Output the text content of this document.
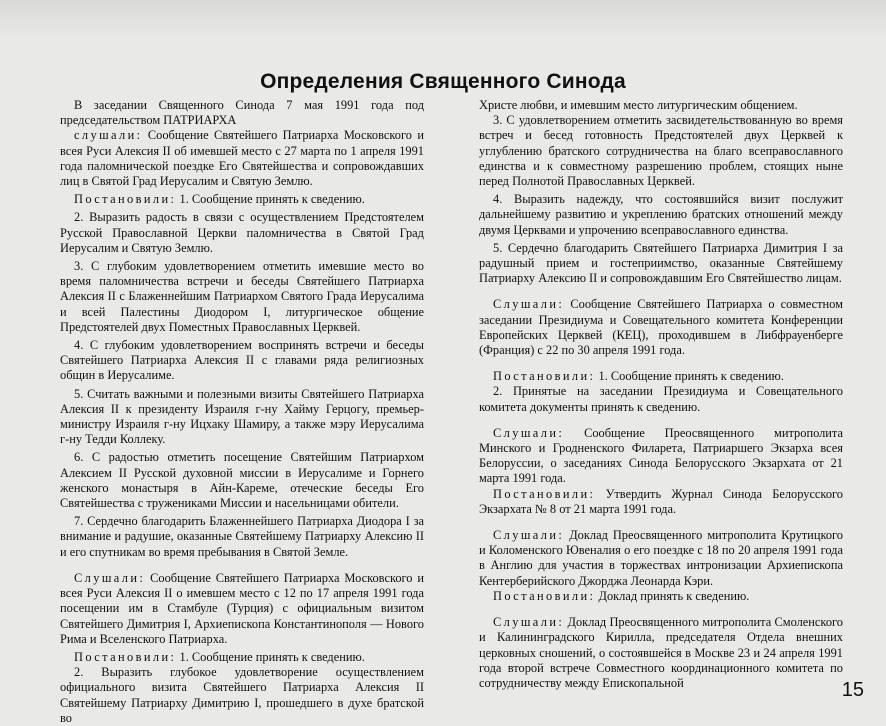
Определения Священного Синода

В заседании Священного Синода 7 мая 1991 года под председательством ПАТРИАРХА

слушали: Сообщение Святейшего Патриарха Московского и всея Руси Алексия II об имевшей место с 27 марта по 1 апреля 1991 года паломнической поездке Его Святейшества и сопровождавших лиц в Святой Град Иерусалим и Святую Землю.

Постановили: 1. Сообщение принять к сведению.

2. Выразить радость в связи с осуществлением Предстоятелем Русской Православной Церкви паломничества в Святой Град Иерусалим и Святую Землю.

3. С глубоким удовлетворением отметить имевшие место во время паломничества встречи и беседы Святейшего Патриарха Алексия II с Блаженнейшим Патриархом Святого Града Иерусалима и всей Палестины Диодором I, литургическое общение Предстоятелей двух Поместных Православных Церквей.

4. С глубоким удовлетворением воспринять встречи и беседы Святейшего Патриарха Алексия II с главами ряда религиозных общин в Иерусалиме.

5. Считать важными и полезными визиты Святейшего Патриарха Алексия II к президенту Израиля г-ну Хайму Герцогу, премьер-министру Израиля г-ну Ицхаку Шамиру, а также мэру Иерусалима г-ну Тедди Коллеку.

6. С радостью отметить посещение Святейшим Патриархом Алексием II Русской духовной миссии в Иерусалиме и Горнего женского монастыря в Айн-Кареме, отеческие беседы Его Святейшества с тружениками Миссии и насельницами обители.

7. Сердечно благодарить Блаженнейшего Патриарха Диодора I за внимание и радушие, оказанные Святейшему Патриарху Алексию II и его спутникам во время пребывания в Святой Земле.

Слушали: Сообщение Святейшего Патриарха Московского и всея Руси Алексия II о имевшем место с 12 по 17 апреля 1991 года посещении им в Стамбуле (Турция) с официальным визитом Святейшего Димитрия I, Архиепископа Константинополя — Нового Рима и Вселенского Патриарха.

Постановили: 1. Сообщение принять к сведению.

2. Выразить глубокое удовлетворение осуществлением официального визита Святейшего Патриарха Алексия II Святейшему Патриарху Димитрию I, прошедшего в духе братской во

Христе любви, и имевшим место литургическим общением.

3. С удовлетворением отметить засвидетельствованную во время встреч и бесед готовность Предстоятелей двух Церквей к углублению братского сотрудничества на благо всеправославного единства и к совместному разрешению проблем, стоящих ныне перед Полнотой Православных Церквей.

4. Выразить надежду, что состоявшийся визит послужит дальнейшему развитию и укреплению братских отношений между двумя Церквами и упрочению всеправославного единства.

5. Сердечно благодарить Святейшего Патриарха Димитрия I за радушный прием и гостеприимство, оказанные Святейшему Патриарху Алексию II и сопровождавшим Его Святейшество лицам.

Слушали: Сообщение Святейшего Патриарха о совместном заседании Президиума и Совещательного комитета Конференции Европейских Церквей (КЕЦ), проходившем в Либфрауенберге (Франция) с 22 по 30 апреля 1991 года.

Постановили: 1. Сообщение принять к сведению.

2. Принятые на заседании Президиума и Совещательного комитета документы принять к сведению.

Слушали: Сообщение Преосвященного митрополита Минского и Гродненского Филарета, Патриаршего Экзарха всея Белоруссии, о заседаниях Синода Белорусского Экзархата от 21 марта 1991 года.

Постановили: Утвердить Журнал Синода Белорусского Экзархата № 8 от 21 марта 1991 года.

Слушали: Доклад Преосвященного митрополита Крутицкого и Коломенского Ювеналия о его поездке с 18 по 20 апреля 1991 года в Англию для участия в торжествах интронизации Архиепископа Кентерберийского Джорджа Леонарда Кэри.

Постановили: Доклад принять к сведению.

Слушали: Доклад Преосвященного митрополита Смоленского и Калининградского Кирилла, председателя Отдела внешних церковных сношений, о состоявшейся в Москве 23 и 24 апреля 1991 года второй встрече Совместного координационного комитета по сотрудничеству между Епископальной	15
